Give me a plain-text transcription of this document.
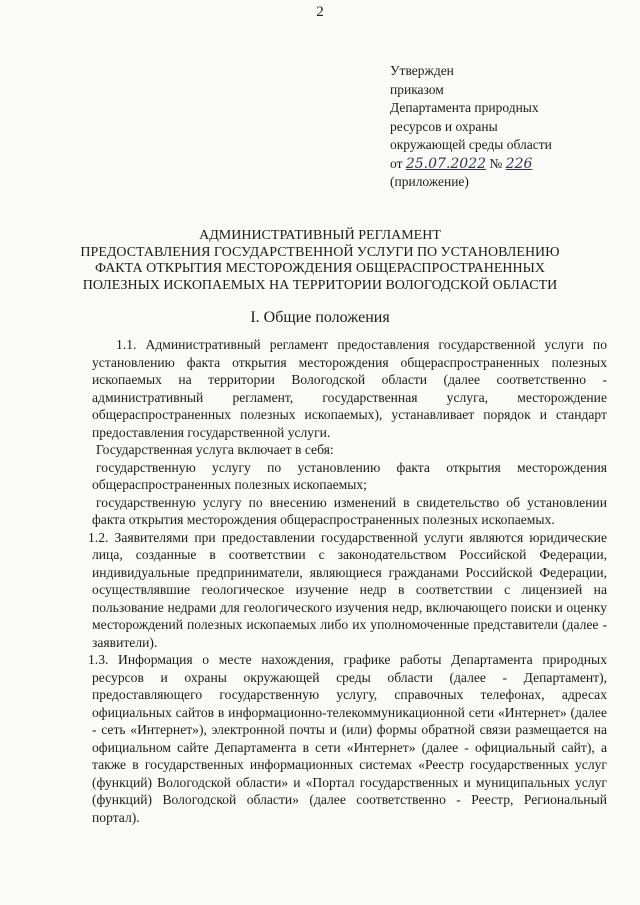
2
Утвержден
приказом
Департамента природных
ресурсов и охраны
окружающей среды области
от 25.07.2022 № 226
(приложение)
АДМИНИСТРАТИВНЫЙ РЕГЛАМЕНТ
ПРЕДОСТАВЛЕНИЯ ГОСУДАРСТВЕННОЙ УСЛУГИ ПО УСТАНОВЛЕНИЮ
ФАКТА ОТКРЫТИЯ МЕСТОРОЖДЕНИЯ ОБЩЕРАСПРОСТРАНЕННЫХ
ПОЛЕЗНЫХ ИСКОПАЕМЫХ НА ТЕРРИТОРИИ ВОЛОГОДСКОЙ ОБЛАСТИ
I. Общие положения

1.1. Административный регламент предоставления государственной услуги по установлению факта открытия месторождения общераспространенных полезных ископаемых на территории Вологодской области (далее соответственно - административный регламент, государственная услуга, месторождение общераспространенных полезных ископаемых), устанавливает порядок и стандарт предоставления государственной услуги.

Государственная услуга включает в себя:

государственную услугу по установлению факта открытия месторождения общераспространенных полезных ископаемых;

государственную услугу по внесению изменений в свидетельство об установлении факта открытия месторождения общераспространенных полезных ископаемых.

1.2. Заявителями при предоставлении государственной услуги являются юридические лица, созданные в соответствии с законодательством Российской Федерации, индивидуальные предприниматели, являющиеся гражданами Российской Федерации, осуществлявшие геологическое изучение недр в соответствии с лицензией на пользование недрами для геологического изучения недр, включающего поиски и оценку месторождений полезных ископаемых либо их уполномоченные представители (далее - заявители).

1.3. Информация о месте нахождения, графике работы Департамента природных ресурсов и охраны окружающей среды области (далее - Департамент), предоставляющего государственную услугу, справочных телефонах, адресах официальных сайтов в информационно-телекоммуникационной сети «Интернет» (далее - сеть «Интернет»), электронной почты и (или) формы обратной связи размещается на официальном сайте Департамента в сети «Интернет» (далее - официальный сайт), а также в государственных информационных системах «Реестр государственных услуг (функций) Вологодской области» и «Портал государственных и муниципальных услуг (функций) Вологодской области» (далее соответственно - Реестр, Региональный портал).
